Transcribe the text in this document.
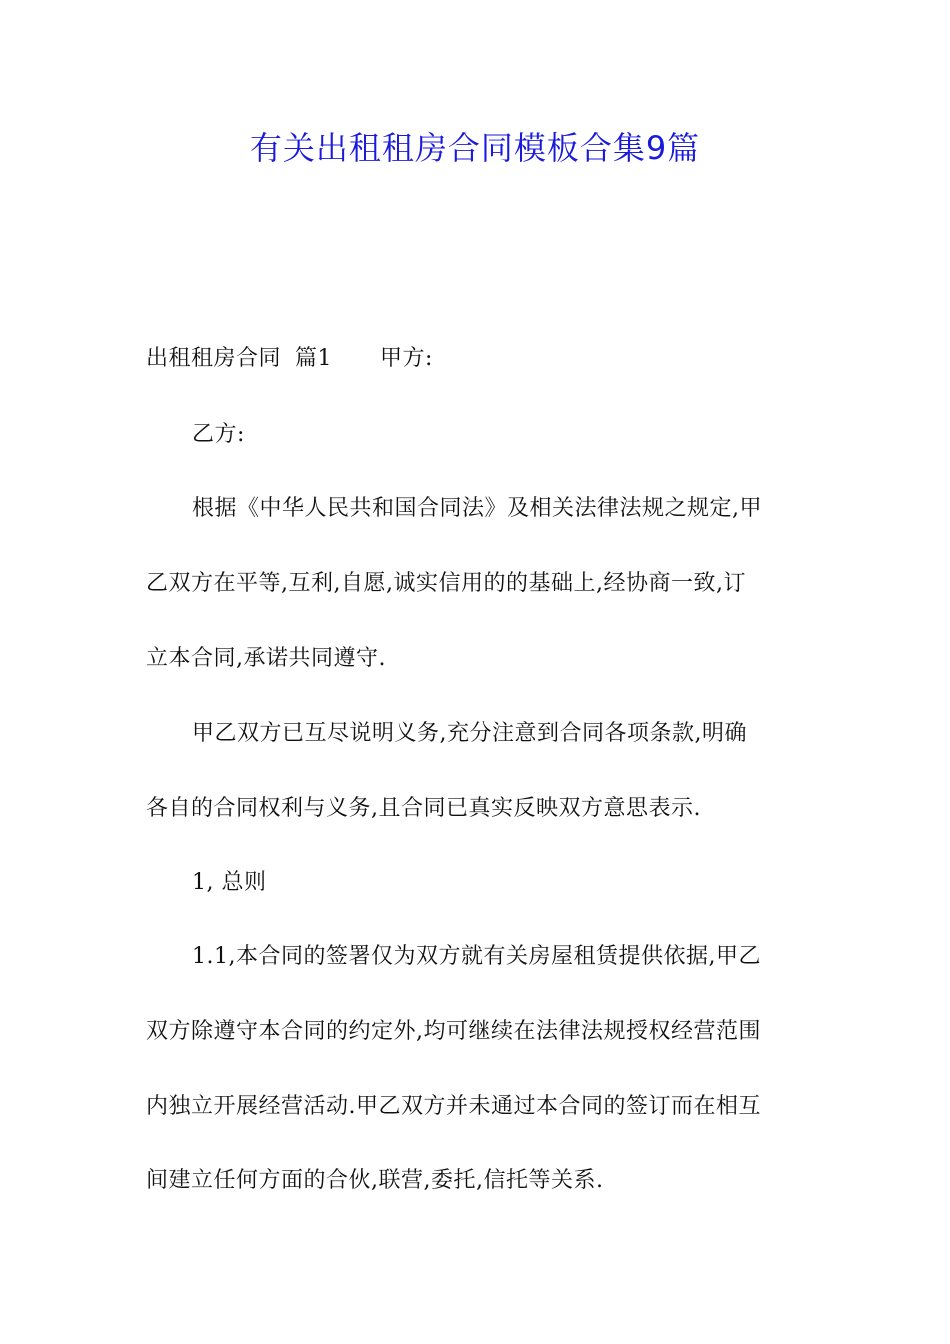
有关出租租房合同模板合集9篇
出租租房合同 篇1 甲方:
乙方:
根据《中华人民共和国合同法》及相关法律法规之规定,甲
乙双方在平等,互利,自愿,诚实信用的的基础上,经协商一致,订
立本合同,承诺共同遵守.
甲乙双方已互尽说明义务,充分注意到合同各项条款,明确
各自的合同权利与义务,且合同已真实反映双方意思表示.
1, 总则
1.1,本合同的签署仅为双方就有关房屋租赁提供依据,甲乙
双方除遵守本合同的约定外,均可继续在法律法规授权经营范围
内独立开展经营活动.甲乙双方并未通过本合同的签订而在相互
间建立任何方面的合伙,联营,委托,信托等关系.
